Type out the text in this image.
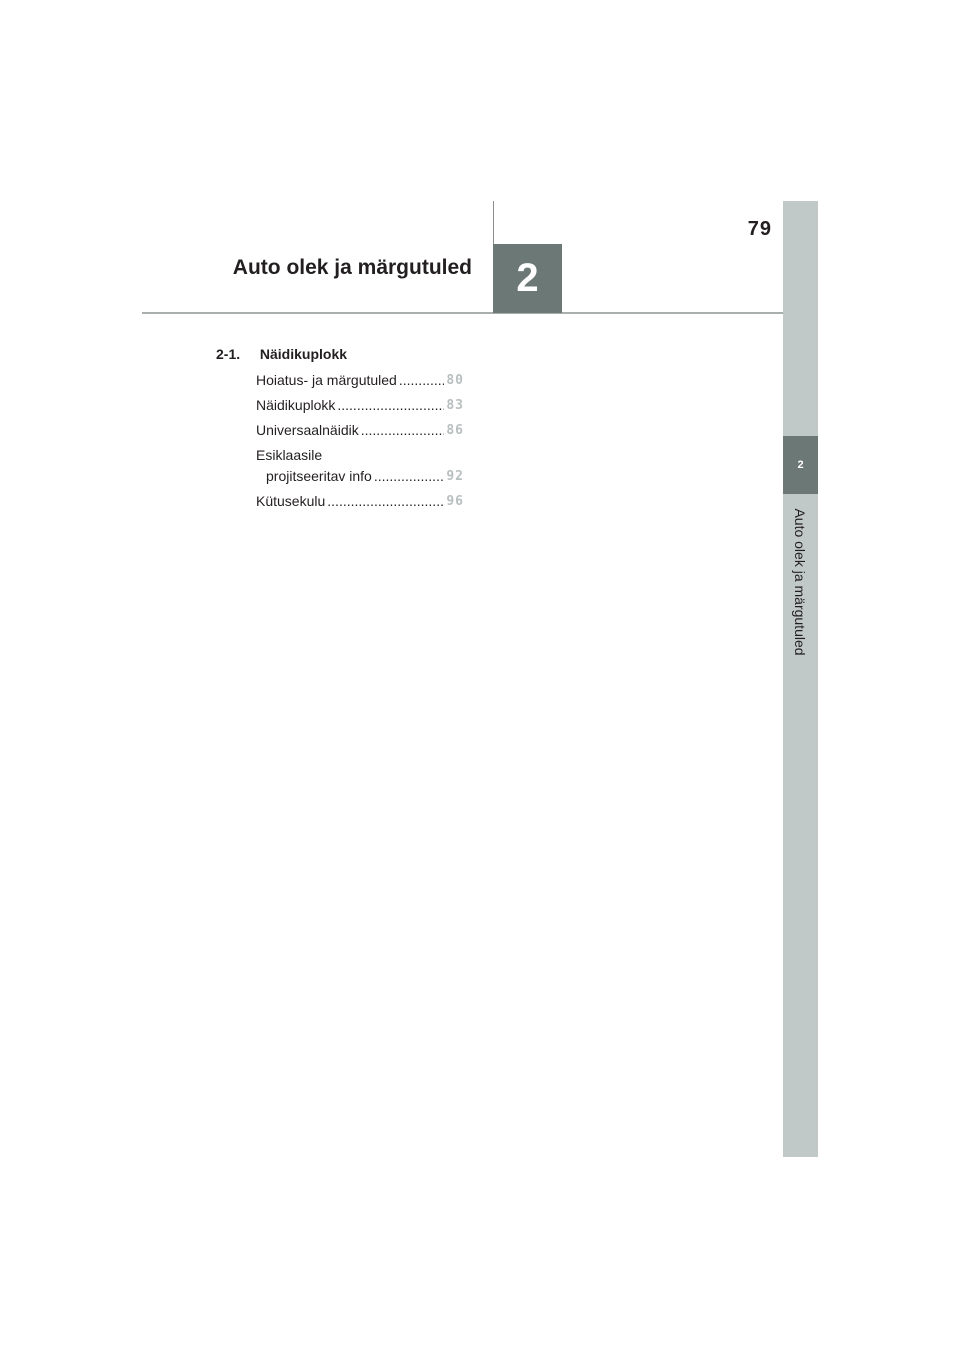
2
Auto olek ja märgutuled
79
Auto olek ja märgutuled 2
2-1. Näidikuplokk
Hoiatus- ja märgutuled .....	80
Näidikuplokk .....	83
Universaalnäidik .....	86
Esiklaasile
projitseeritav info .....	92
Kütusekulu .....	96
